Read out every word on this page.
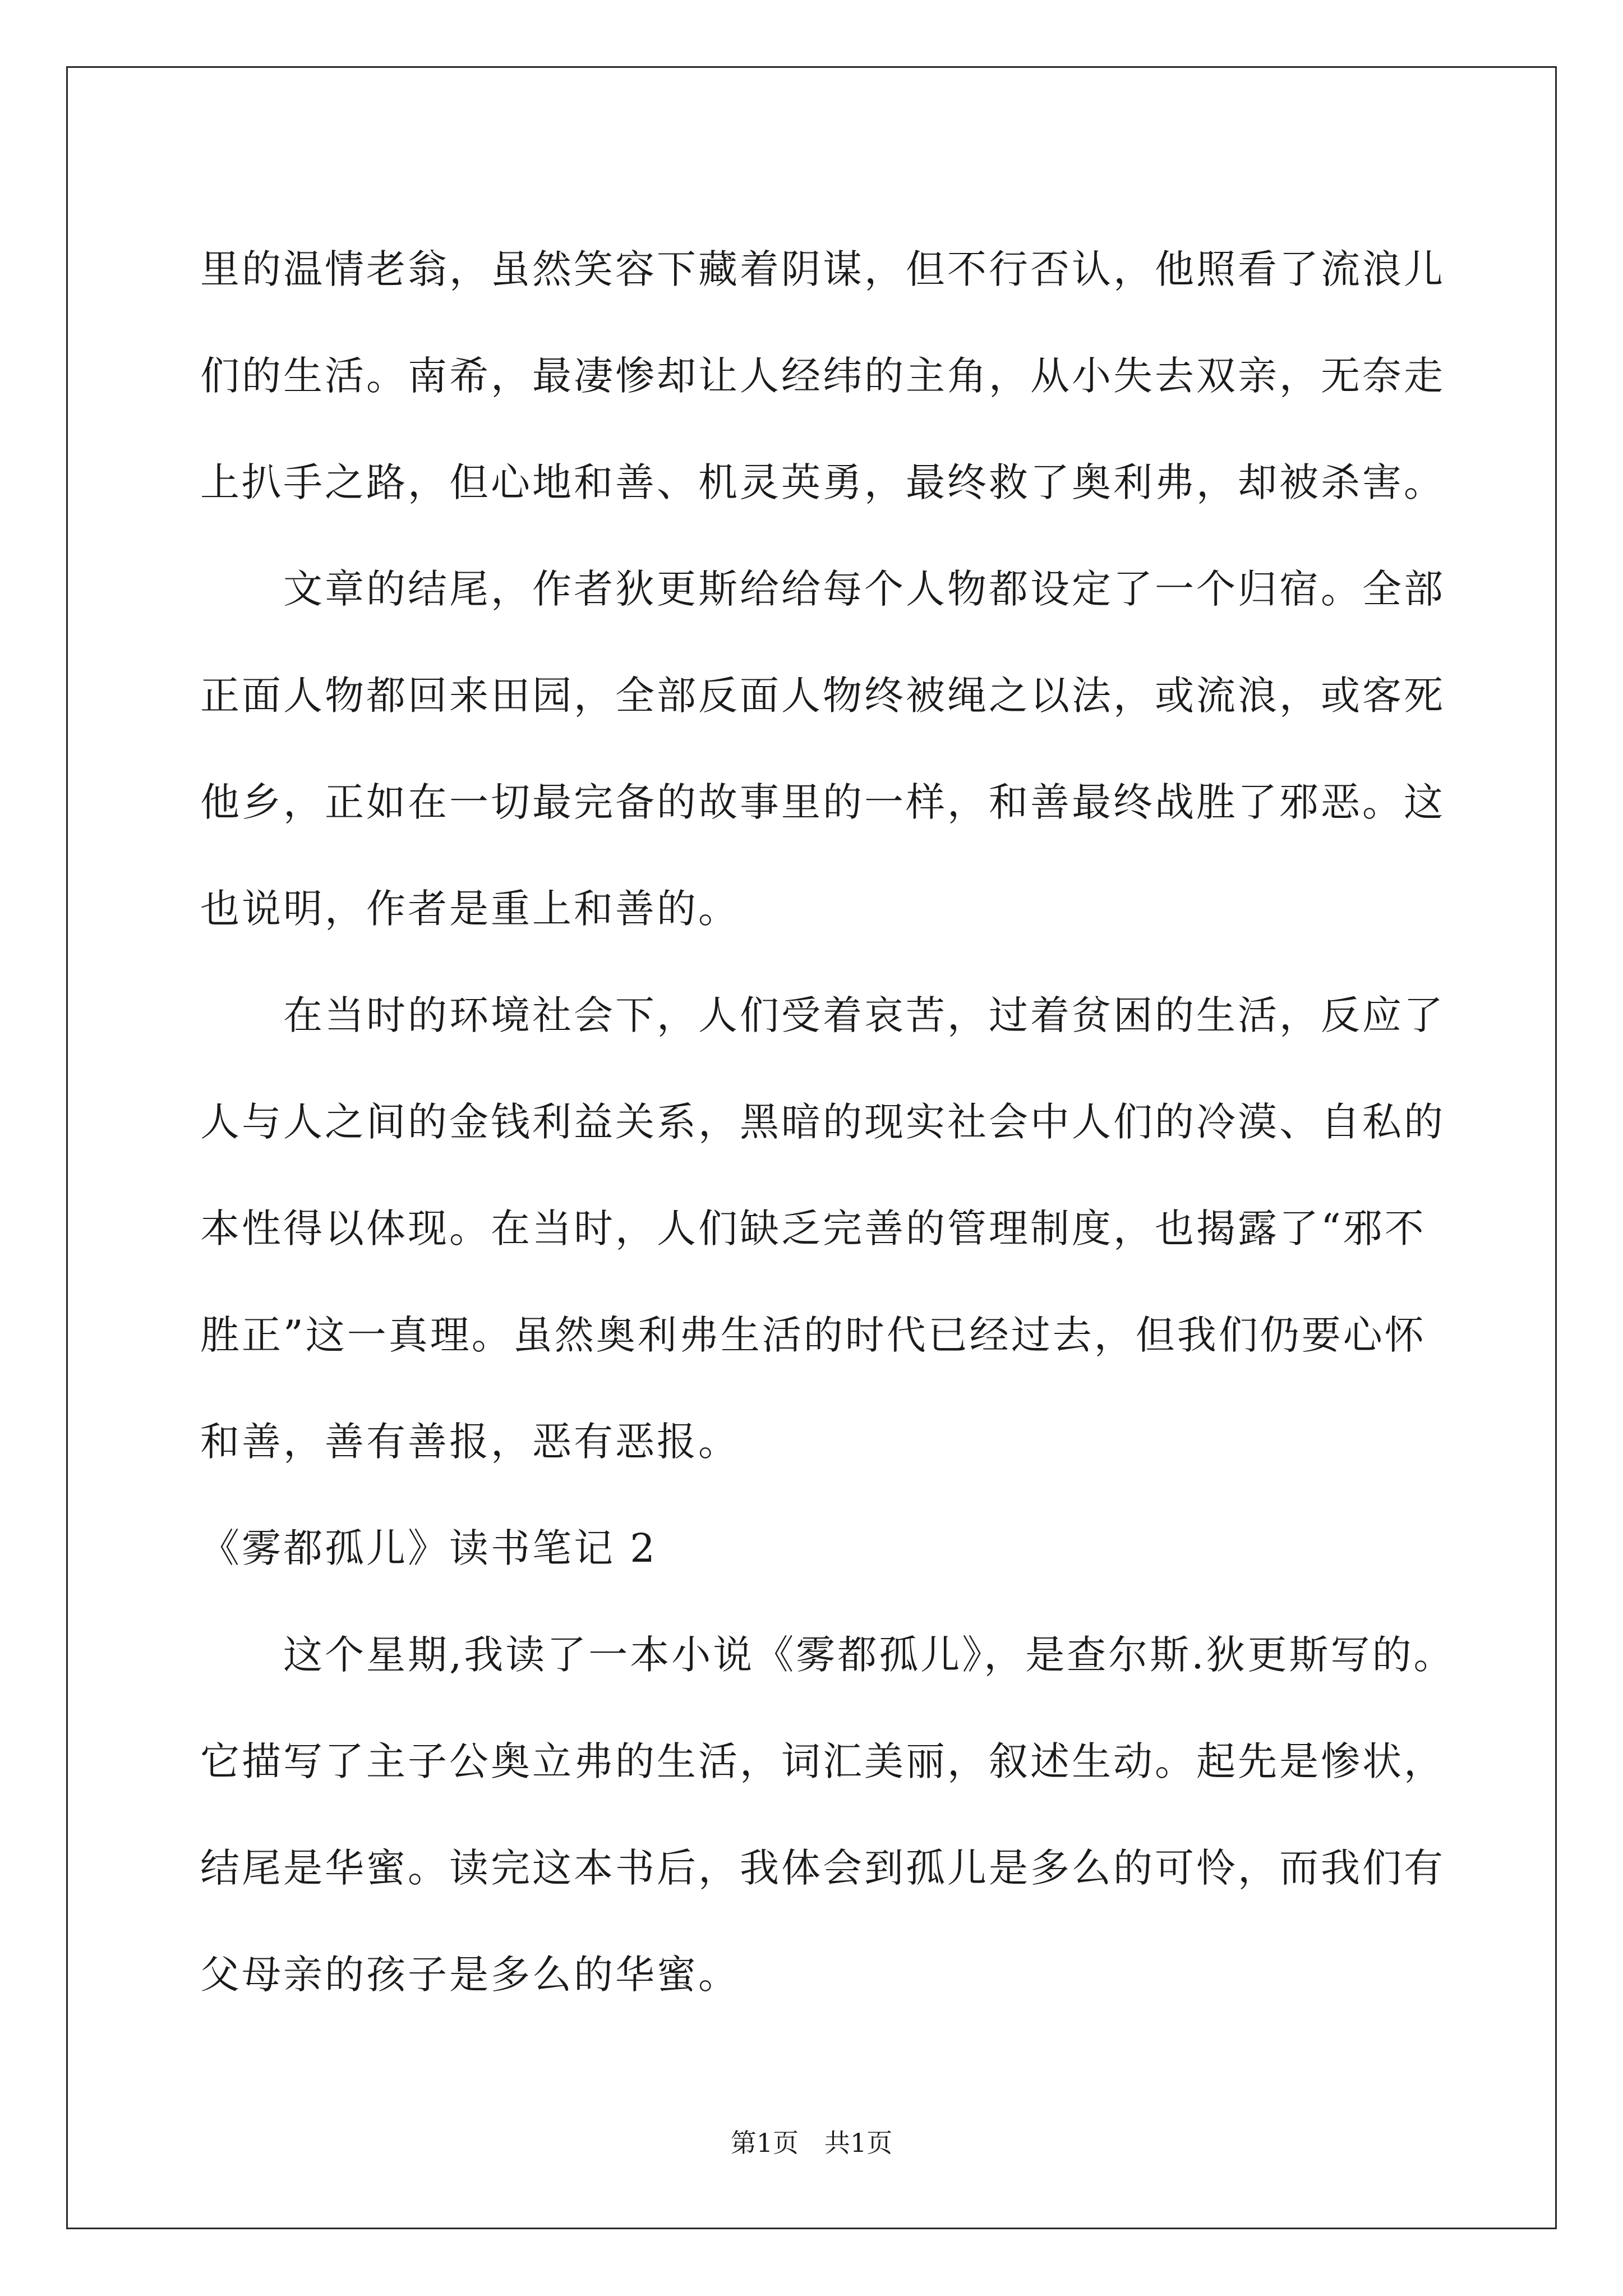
里的温情老翁，虽然笑容下藏着阴谋，但不行否认，他照看了流浪儿
们的生活。南希，最凄惨却让人经纬的主角，从小失去双亲，无奈走
上扒手之路，但心地和善、机灵英勇，最终救了奥利弗，却被杀害。
　　文章的结尾，作者狄更斯给给每个人物都设定了一个归宿。全部
正面人物都回来田园，全部反面人物终被绳之以法，或流浪，或客死
他乡，正如在一切最完备的故事里的一样，和善最终战胜了邪恶。这
也说明，作者是重上和善的。
　　在当时的环境社会下，人们受着哀苦，过着贫困的生活，反应了
人与人之间的金钱利益关系，黑暗的现实社会中人们的冷漠、自私的
本性得以体现。在当时，人们缺乏完善的管理制度，也揭露了“邪不
胜正”这一真理。虽然奥利弗生活的时代已经过去，但我们仍要心怀
和善，善有善报，恶有恶报。
《雾都孤儿》读书笔记 2
　　这个星期,我读了一本小说《雾都孤儿》，是查尔斯.狄更斯写的。
它描写了主子公奥立弗的生活，词汇美丽，叙述生动。起先是惨状，
结尾是华蜜。读完这本书后，我体会到孤儿是多么的可怜，而我们有
父母亲的孩子是多么的华蜜。
第1页　共1页
